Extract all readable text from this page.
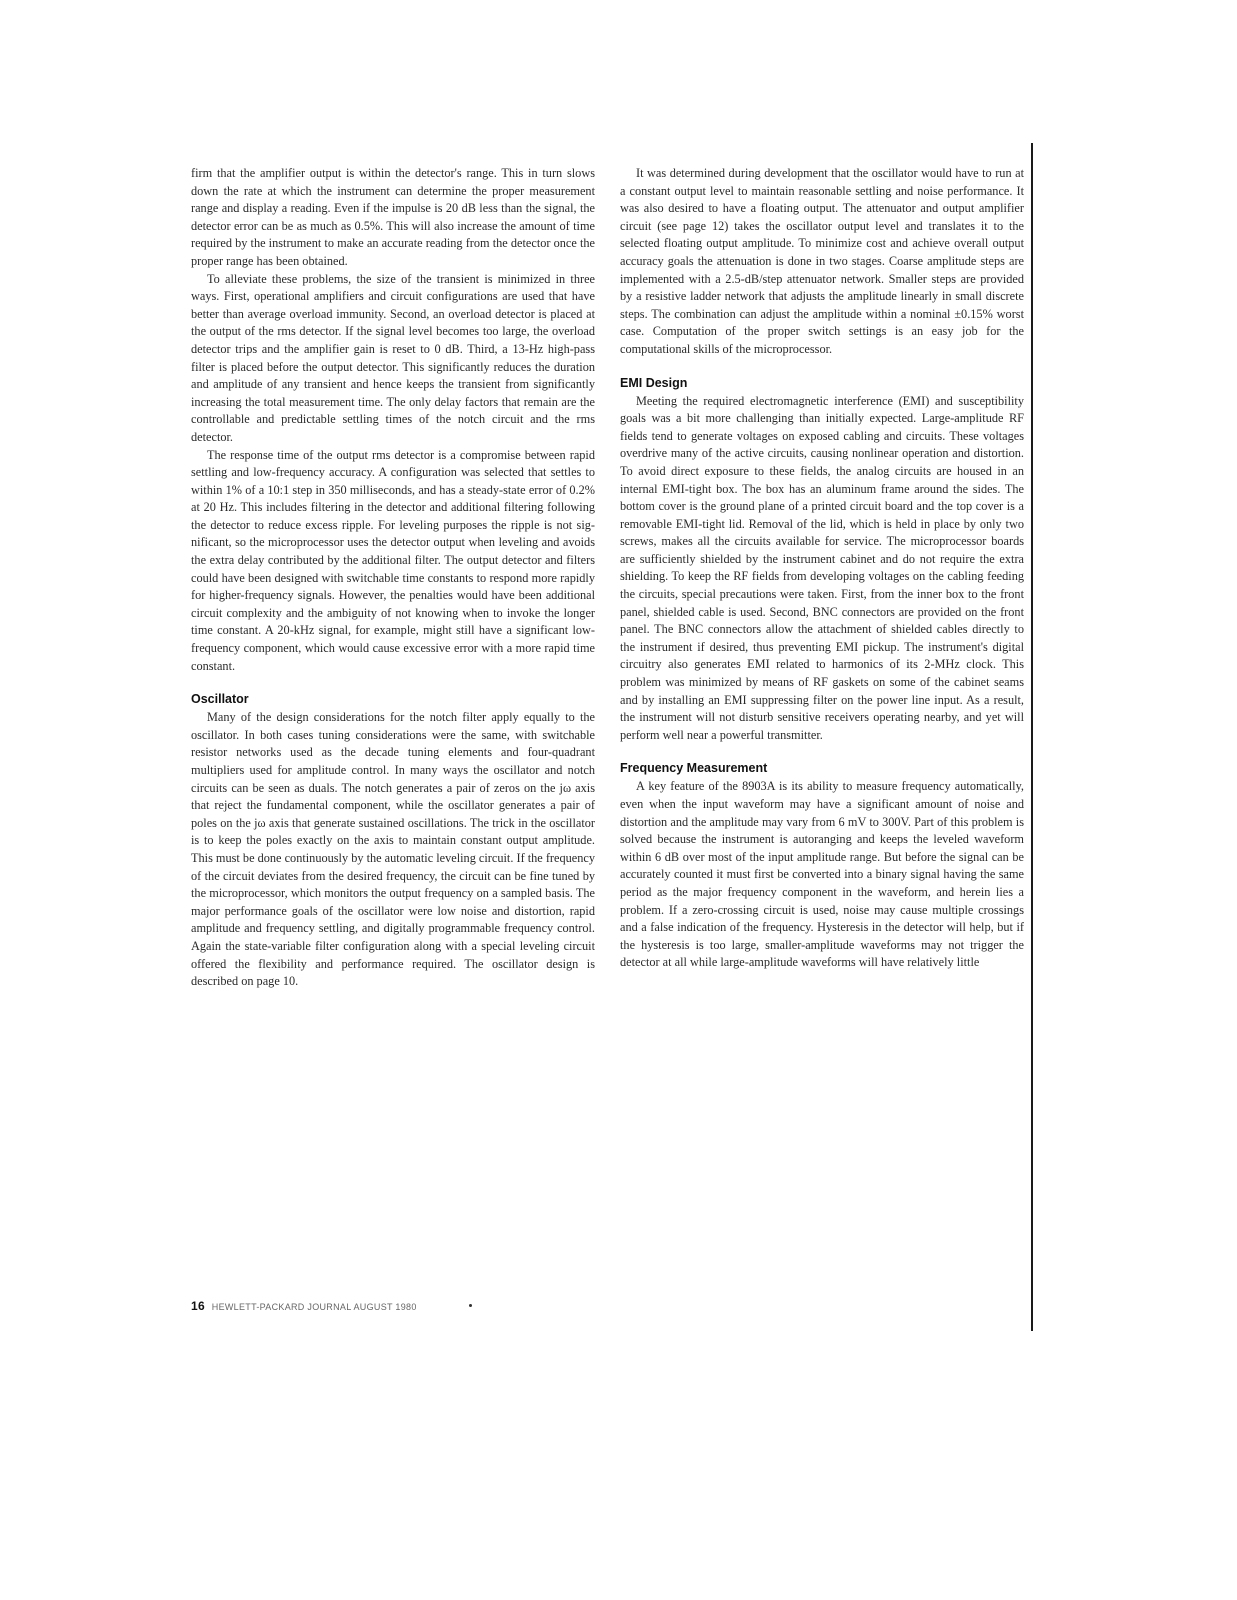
firm that the amplifier output is within the detector's range. This in turn slows down the rate at which the instrument can determine the proper measurement range and display a reading. Even if the impulse is 20 dB less than the signal, the detector error can be as much as 0.5%. This will also increase the amount of time required by the instrument to make an accurate reading from the detector once the proper range has been obtained.

To alleviate these problems, the size of the transient is minimized in three ways. First, operational amplifiers and circuit configurations are used that have better than average overload immunity. Second, an overload detector is placed at the output of the rms detector. If the signal level becomes too large, the overload detector trips and the amplifier gain is reset to 0 dB. Third, a 13-Hz high-pass filter is placed before the output detector. This significantly reduces the duration and amplitude of any transient and hence keeps the transient from significantly increasing the total measurement time. The only delay factors that remain are the controllable and predictable settling times of the notch circuit and the rms detector.

The response time of the output rms detector is a compromise between rapid settling and low-frequency accuracy. A configuration was selected that settles to within 1% of a 10:1 step in 350 milliseconds, and has a steady-state error of 0.2% at 20 Hz. This includes filtering in the detector and additional filtering following the detector to reduce excess ripple. For leveling purposes the ripple is not significant, so the microprocessor uses the detector output when leveling and avoids the extra delay contributed by the additional filter. The output detector and filters could have been designed with switchable time constants to respond more rapidly for higher-frequency signals. However, the penalties would have been additional circuit complexity and the ambiguity of not knowing when to invoke the longer time constant. A 20-kHz signal, for example, might still have a significant low-frequency component, which would cause excessive error with a more rapid time constant.

Oscillator

Many of the design considerations for the notch filter apply equally to the oscillator. In both cases tuning considerations were the same, with switchable resistor networks used as the decade tuning elements and four-quadrant multipliers used for amplitude control. In many ways the oscillator and notch circuits can be seen as duals. The notch generates a pair of zeros on the jω axis that reject the fundamental component, while the oscillator generates a pair of poles on the jω axis that generate sustained oscillations. The trick in the oscillator is to keep the poles exactly on the axis to maintain constant output amplitude. This must be done continuously by the automatic leveling circuit. If the frequency of the circuit deviates from the desired frequency, the circuit can be fine tuned by the microprocessor, which monitors the output frequency on a sampled basis. The major performance goals of the oscillator were low noise and distortion, rapid amplitude and frequency settling, and digitally programmable frequency control. Again the state-variable filter configuration along with a special leveling circuit offered the flexibility and performance required. The oscillator design is described on page 10.

It was determined during development that the oscillator would have to run at a constant output level to maintain reasonable settling and noise performance. It was also desired to have a floating output. The attenuator and output amplifier circuit (see page 12) takes the oscillator output level and translates it to the selected floating output amplitude. To minimize cost and achieve overall output accuracy goals the attenuation is done in two stages. Coarse amplitude steps are implemented with a 2.5-dB/step attenuator network. Smaller steps are provided by a resistive ladder network that adjusts the amplitude linearly in small discrete steps. The combination can adjust the amplitude within a nominal ±0.15% worst case. Computation of the proper switch settings is an easy job for the computational skills of the microprocessor.

EMI Design

Meeting the required electromagnetic interference (EMI) and susceptibility goals was a bit more challenging than initially expected. Large-amplitude RF fields tend to generate voltages on exposed cabling and circuits. These voltages overdrive many of the active circuits, causing nonlinear operation and distortion. To avoid direct exposure to these fields, the analog circuits are housed in an internal EMI-tight box. The box has an aluminum frame around the sides. The bottom cover is the ground plane of a printed circuit board and the top cover is a removable EMI-tight lid. Removal of the lid, which is held in place by only two screws, makes all the circuits available for service. The microprocessor boards are sufficiently shielded by the instrument cabinet and do not require the extra shielding. To keep the RF fields from developing voltages on the cabling feeding the circuits, special precautions were taken. First, from the inner box to the front panel, shielded cable is used. Second, BNC connectors are provided on the front panel. The BNC connectors allow the attachment of shielded cables directly to the instrument if desired, thus preventing EMI pickup. The instrument's digital circuitry also generates EMI related to harmonics of its 2-MHz clock. This problem was minimized by means of RF gaskets on some of the cabinet seams and by installing an EMI suppressing filter on the power line input. As a result, the instrument will not disturb sensitive receivers operating nearby, and yet will perform well near a powerful transmitter.

Frequency Measurement

A key feature of the 8903A is its ability to measure frequency automatically, even when the input waveform may have a significant amount of noise and distortion and the amplitude may vary from 6 mV to 300V. Part of this problem is solved because the instrument is autoranging and keeps the leveled waveform within 6 dB over most of the input amplitude range. But before the signal can be accurately counted it must first be converted into a binary signal having the same period as the major frequency component in the waveform, and herein lies a problem. If a zero-crossing circuit is used, noise may cause multiple crossings and a false indication of the frequency. Hysteresis in the detector will help, but if the hysteresis is too large, smaller-amplitude waveforms may not trigger the detector at all while large-amplitude waveforms will have relatively little

16 HEWLETT-PACKARD JOURNAL AUGUST 1980
